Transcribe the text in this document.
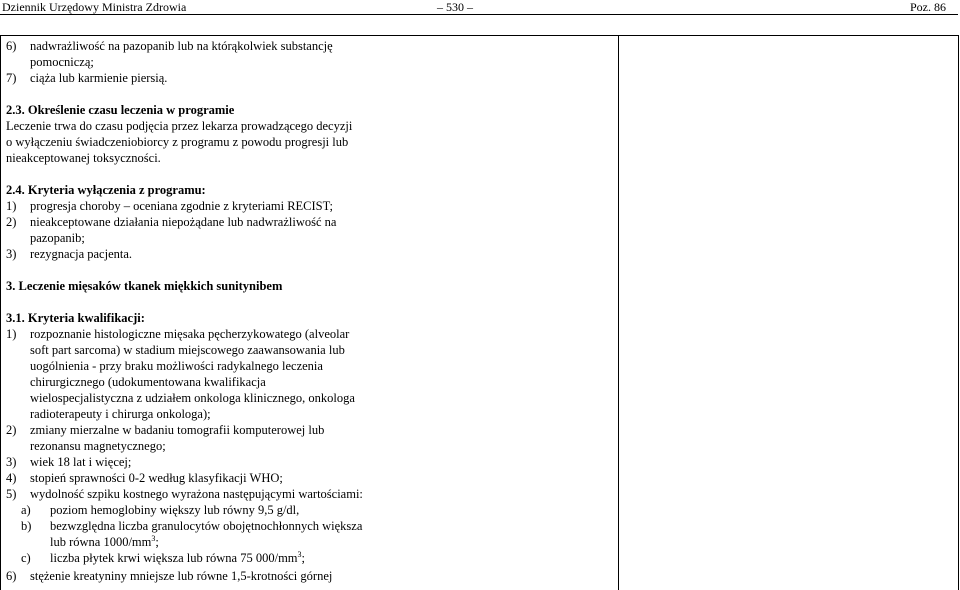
Dziennik Urzędowy Ministra Zdrowia	– 530 –	Poz. 86
6) nadwrażliwość na pazopanib lub na którąkolwiek substancję
pomocniczą;
7) ciąża lub karmienie piersią.
2.3. Określenie czasu leczenia w programie
Leczenie trwa do czasu podjęcia przez lekarza prowadzącego decyzji
o wyłączeniu świadczeniobiorcy z programu z powodu progresji lub
nieakceptowanej toksyczności.
2.4. Kryteria wyłączenia z programu:
1) progresja choroby – oceniana zgodnie z kryteriami RECIST;
2) nieakceptowane działania niepożądane lub nadwrażliwość na
pazopanib;
3) rezygnacja pacjenta.
3. Leczenie mięsaków tkanek miękkich sunitynibem
3.1. Kryteria kwalifikacji:
1) rozpoznanie histologiczne mięsaka pęcherzykowatego (alveolar
soft part sarcoma) w stadium miejscowego zaawansowania lub
uogólnienia - przy braku możliwości radykalnego leczenia
chirurgicznego (udokumentowana kwalifikacja
wielospecjalistyczna z udziałem onkologa klinicznego, onkologa
radioterapeuty i chirurga onkologa);
2) zmiany mierzalne w badaniu tomografii komputerowej lub
rezonansu magnetycznego;
3) wiek 18 lat i więcej;
4) stopień sprawności 0-2 według klasyfikacji WHO;
5) wydolność szpiku kostnego wyrażona następującymi wartościami:
a) poziom hemoglobiny większy lub równy 9,5 g/dl,
b) bezwzględna liczba granulocytów obojętnochłonnych większa
lub równa $1000/mm^3$;
c) liczba płytek krwi większa lub równa 75 $000/mm^3$;
6) stężenie kreatyniny mniejsze lub równe 1,5-krotności górnej
